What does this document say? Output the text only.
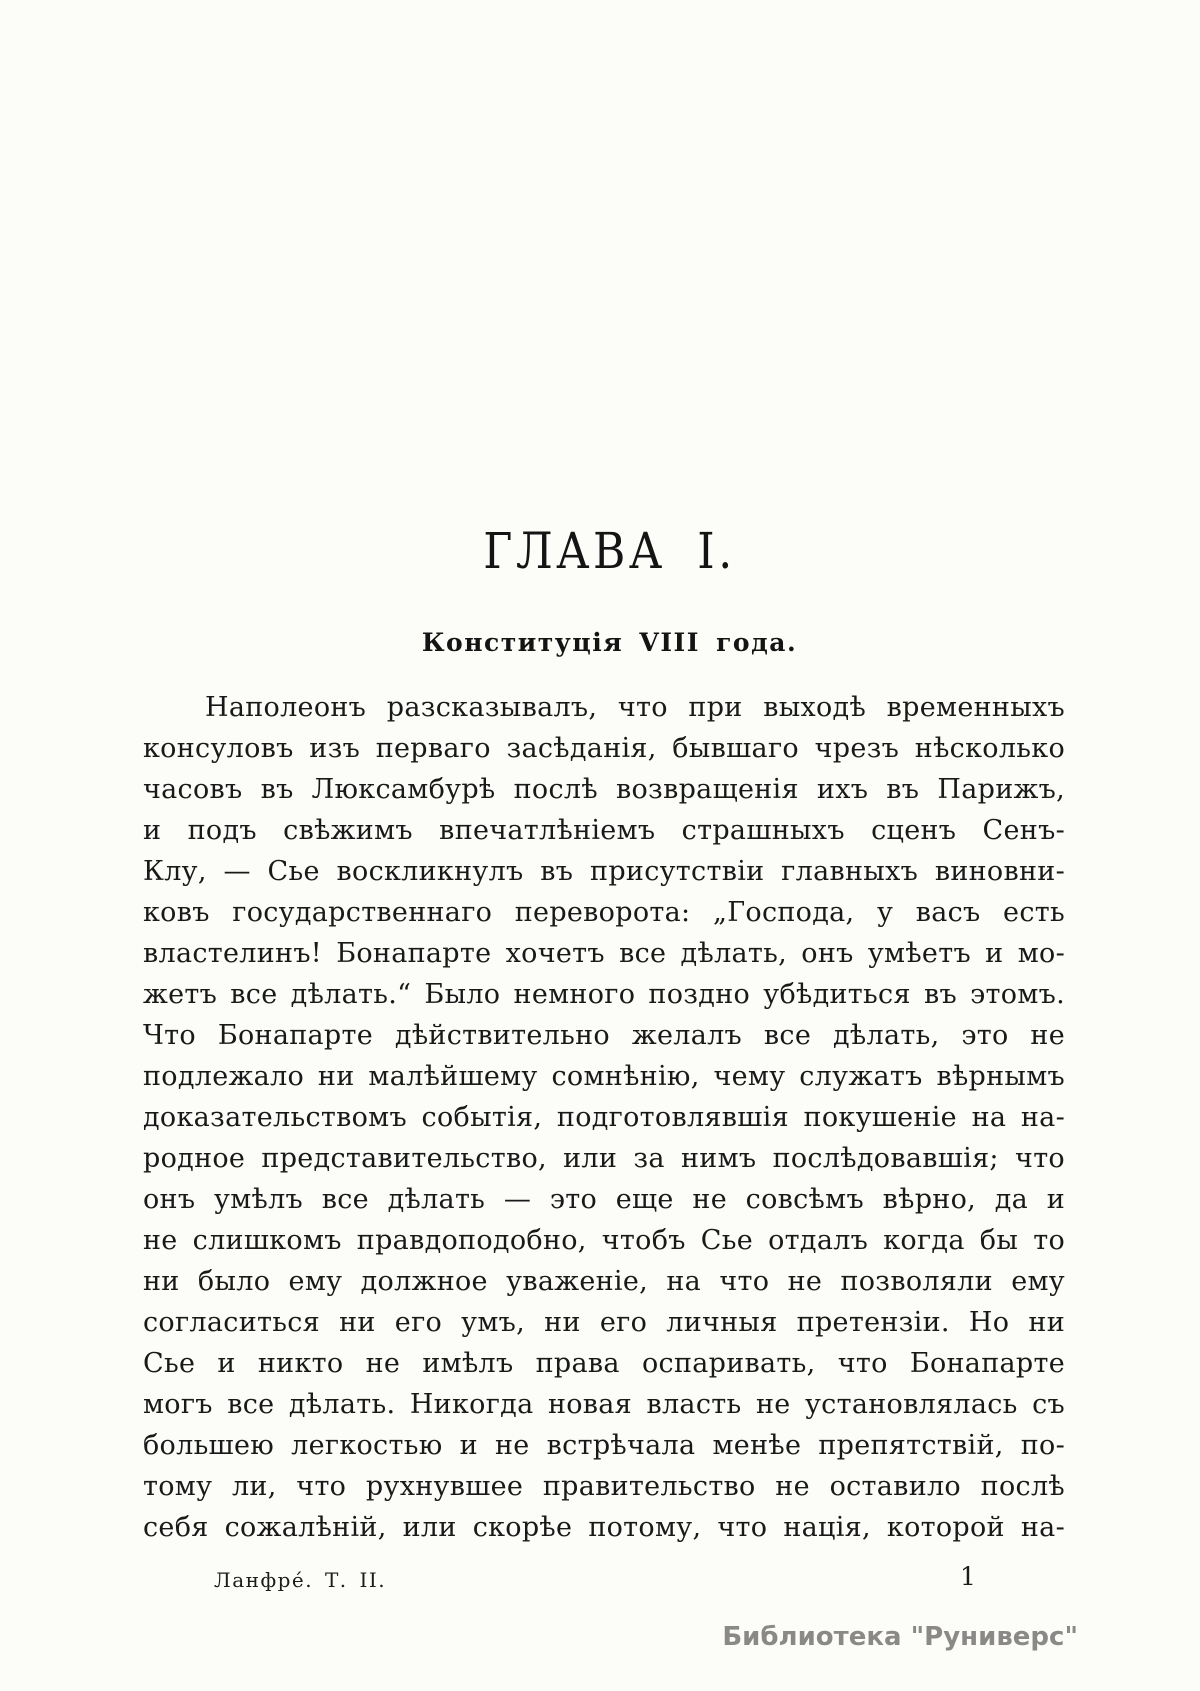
ГЛАВА I.
Конституція VIII года.
Наполеонъ разсказывалъ, что при выходѣ временныхъ
консуловъ изъ перваго засѣданія, бывшаго чрезъ нѣсколько
часовъ въ Люксамбурѣ послѣ возвращенія ихъ въ Парижъ,
и подъ свѣжимъ впечатлѣніемъ страшныхъ сценъ Сенъ-
Клу, — Сье воскликнулъ въ присутствіи главныхъ виновни-
ковъ государственнаго переворота: „Господа, у васъ есть
властелинъ! Бонапарте хочетъ все дѣлать, онъ умѣетъ и мо-
жетъ все дѣлать.“ Было немного поздно убѣдиться въ этомъ.
Что Бонапарте дѣйствительно желалъ все дѣлать, это не
подлежало ни малѣйшему сомнѣнію, чему служатъ вѣрнымъ
доказательствомъ событія, подготовлявшія покушеніе на на-
родное представительство, или за нимъ послѣдовавшія; что
онъ умѣлъ все дѣлать — это еще не совсѣмъ вѣрно, да и
не слишкомъ правдоподобно, чтобъ Сье отдалъ когда бы то
ни было ему должное уваженіе, на что не позволяли ему
согласиться ни его умъ, ни его личныя претензіи. Но ни
Сье и никто не имѣлъ права оспаривать, что Бонапарте
могъ все дѣлать. Никогда новая власть не установлялась съ
большею легкостью и не встрѣчала менѣе препятствій, по-
тому ли, что рухнувшее правительство не оставило послѣ
себя сожалѣній, или скорѣе потому, что нація, которой на-
Ланфре́. Т. II.	1
Библиотека "Руниверс"
